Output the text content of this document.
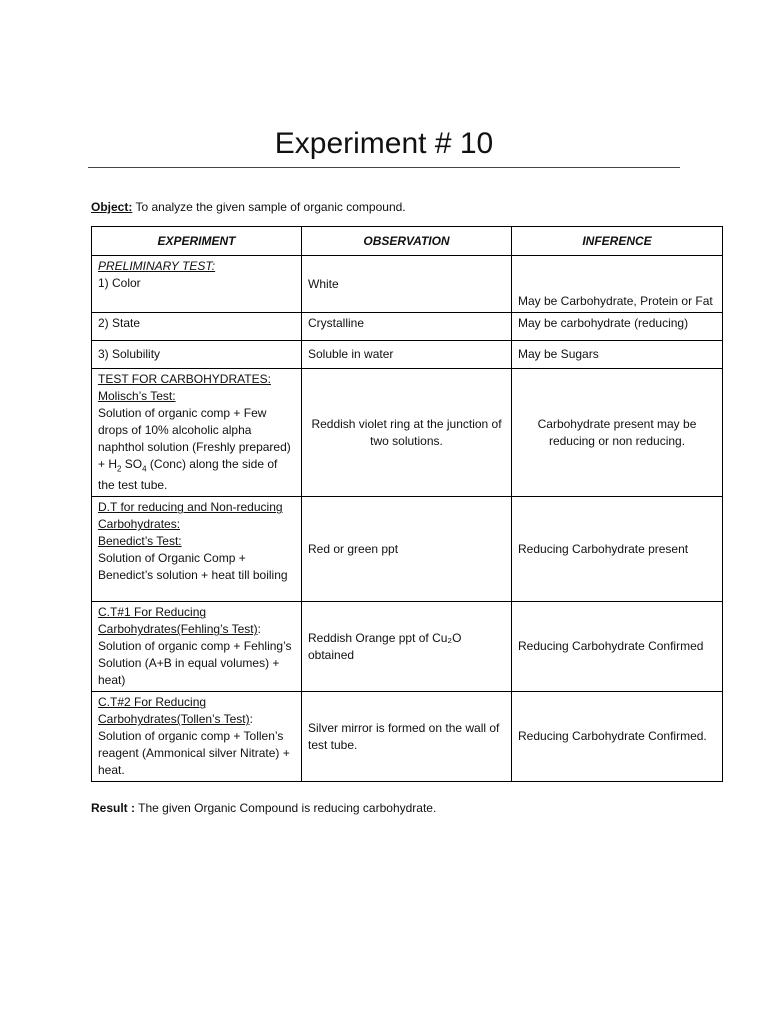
Experiment # 10
Object: To analyze the given sample of organic compound.
EXPERIMENT	OBSERVATION	INFERENCE

PRELIMINARY TEST:
1) Color	White	May be Carbohydrate, Protein or Fat
2) State	Crystalline	May be carbohydrate (reducing)
3) Solubility	Soluble in water	May be Sugars

TEST FOR CARBOHYDRATES:
Molisch’s Test:
Solution of organic comp + Few drops of 10% alcoholic alpha naphthol solution (Freshly prepared) + $H_2$ $SO_4$ (Conc) along the side of the test tube.	Reddish violet ring at the junction of two solutions.	Carbohydrate present may be reducing or non reducing.

D.T for reducing and Non-reducing Carbohydrates:
Benedict’s Test:
Solution of Organic Comp + Benedict’s solution + heat till boiling	Red or green ppt	Reducing Carbohydrate present

C.T#1 For Reducing
Carbohydrates(Fehling’s Test):
Solution of organic comp + Fehling’s Solution (A+B in equal volumes) + heat)	Reddish Orange ppt of Cu₂O obtained	Reducing Carbohydrate Confirmed

C.T#2 For Reducing
Carbohydrates(Tollen’s Test):
Solution of organic comp + Tollen’s reagent (Ammonical silver Nitrate) + heat.	Silver mirror is formed on the wall of test tube.	Reducing Carbohydrate Confirmed.
Result : The given Organic Compound is reducing carbohydrate.
